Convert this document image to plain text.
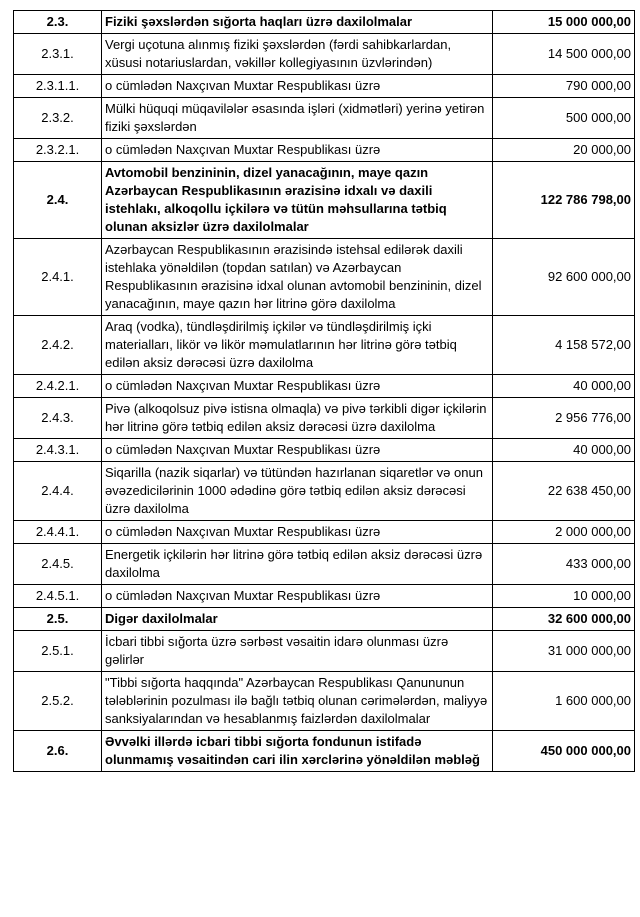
2.3.	Fiziki şəxslərdən sığorta haqları üzrə daxilolmalar	15 000 000,00
2.3.1.	Vergi uçotuna alınmış fiziki şəxslərdən (fərdi sahibkarlardan, xüsusi notariuslardan, vəkillər kollegiyasının üzvlərindən)	14 500 000,00
2.3.1.1.	o cümlədən Naxçıvan Muxtar Respublikası üzrə	790 000,00
2.3.2.	Mülki hüquqi müqavilələr əsasında işləri (xidmətləri) yerinə yetirən fiziki şəxslərdən	500 000,00
2.3.2.1.	o cümlədən Naxçıvan Muxtar Respublikası üzrə	20 000,00
2.4.	Avtomobil benzininin, dizel yanacağının, maye qazın Azərbaycan Respublikasının ərazisinə idxalı və daxili istehlakı, alkoqollu içkilərə və tütün məhsullarına tətbiq olunan aksizlər üzrə daxilolmalar	122 786 798,00
2.4.1.	Azərbaycan Respublikasının ərazisində istehsal edilərək daxili istehlaka yönəldilən (topdan satılan) və Azərbaycan Respublikasının ərazisinə idxal olunan avtomobil benzininin, dizel yanacağının, maye qazın hər litrinə görə daxilolma	92 600 000,00
2.4.2.	Araq (vodka), tündləşdirilmiş içkilər və tündləşdirilmiş içki materialları, likör və likör məmulatlarının hər litrinə görə tətbiq edilən aksiz dərəcəsi üzrə daxilolma	4 158 572,00
2.4.2.1.	o cümlədən Naxçıvan Muxtar Respublikası üzrə	40 000,00
2.4.3.	Pivə (alkoqolsuz pivə istisna olmaqla) və pivə tərkibli digər içkilərin hər litrinə görə tətbiq edilən aksiz dərəcəsi üzrə daxilolma	2 956 776,00
2.4.3.1.	o cümlədən Naxçıvan Muxtar Respublikası üzrə	40 000,00
2.4.4.	Siqarilla (nazik siqarlar) və tütündən hazırlanan siqaretlər və onun əvəzedicilərinin 1000 ədədinə görə tətbiq edilən aksiz dərəcəsi üzrə daxilolma	22 638 450,00
2.4.4.1.	o cümlədən Naxçıvan Muxtar Respublikası üzrə	2 000 000,00
2.4.5.	Energetik içkilərin hər litrinə görə tətbiq edilən aksiz dərəcəsi üzrə daxilolma	433 000,00
2.4.5.1.	o cümlədən Naxçıvan Muxtar Respublikası üzrə	10 000,00
2.5.	Digər daxilolmalar	32 600 000,00
2.5.1.	İcbari tibbi sığorta üzrə sərbəst vəsaitin idarə olunması üzrə gəlirlər	31 000 000,00
2.5.2.	"Tibbi sığorta haqqında" Azərbaycan Respublikası Qanununun tələblərinin pozulması ilə bağlı tətbiq olunan cərimələrdən, maliyyə sanksiyalarından və hesablanmış faizlərdən daxilolmalar	1 600 000,00
2.6.	Əvvəlki illərdə icbari tibbi sığorta fondunun istifadə olunmamış vəsaitindən cari ilin xərclərinə yönəldilən məbləğ	450 000 000,00
